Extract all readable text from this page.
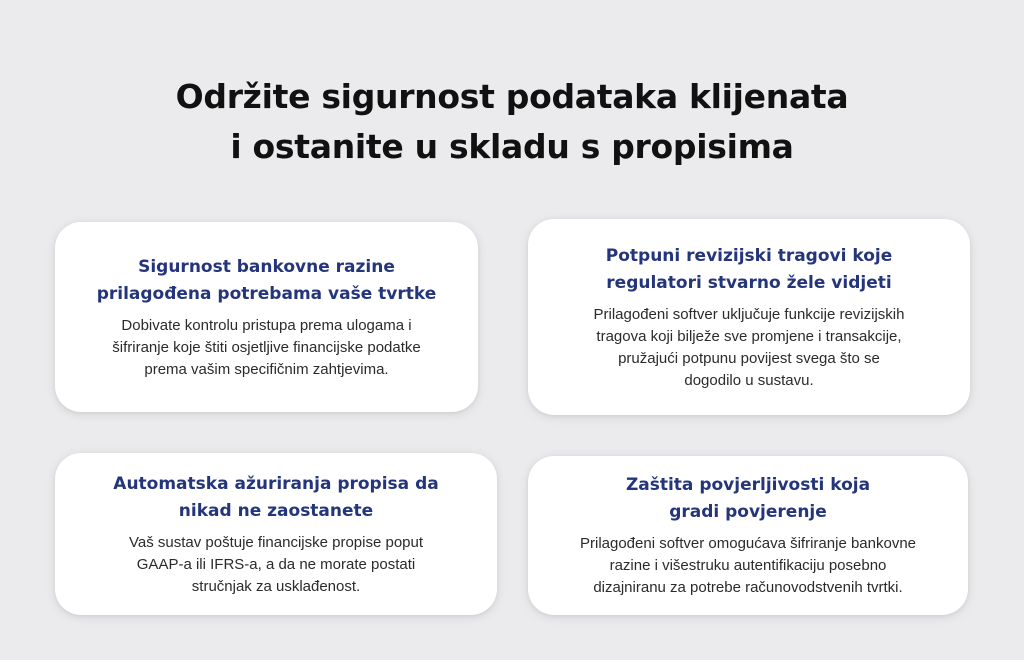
Održite sigurnost podataka klijenata
i ostanite u skladu s propisima
Sigurnost bankovne razine
prilagođena potrebama vaše tvrtke

Dobivate kontrolu pristupa prema ulogama i
šifriranje koje štiti osjetljive financijske podatke
prema vašim specifičnim zahtjevima.

Potpuni revizijski tragovi koje
regulatori stvarno žele vidjeti

Prilagođeni softver uključuje funkcije revizijskih
tragova koji bilježe sve promjene i transakcije,
pružajući potpunu povijest svega što se
dogodilo u sustavu.

Automatska ažuriranja propisa da
nikad ne zaostanete

Vaš sustav poštuje financijske propise poput
GAAP-a ili IFRS-a, a da ne morate postati
stručnjak za usklađenost.

Zaštita povjerljivosti koja
gradi povjerenje

Prilagođeni softver omogućava šifriranje bankovne
razine i višestruku autentifikaciju posebno
dizajniranu za potrebe računovodstvenih tvrtki.
